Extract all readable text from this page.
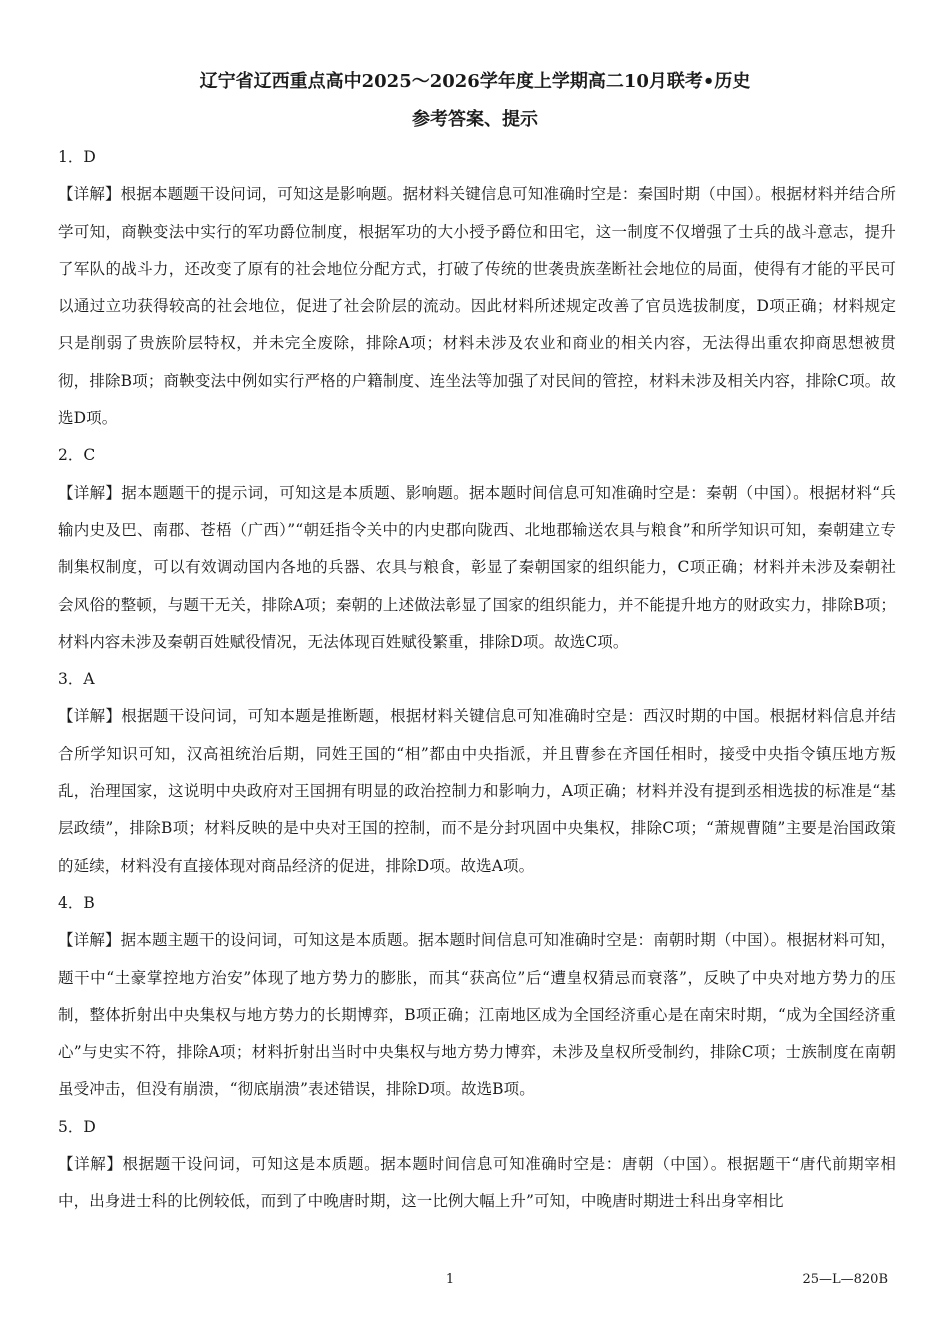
辽宁省辽西重点高中2025～2026学年度上学期高二10月联考•历史
参考答案、提示

1．D

【详解】根据本题题干设问词，可知这是影响题。据材料关键信息可知准确时空是：秦国时期（中国）。根据材料并结合所学可知，商鞅变法中实行的军功爵位制度，根据军功的大小授予爵位和田宅，这一制度不仅增强了士兵的战斗意志，提升了军队的战斗力，还改变了原有的社会地位分配方式，打破了传统的世袭贵族垄断社会地位的局面，使得有才能的平民可以通过立功获得较高的社会地位，促进了社会阶层的流动。因此材料所述规定改善了官员选拔制度，D项正确；材料规定只是削弱了贵族阶层特权，并未完全废除，排除A项；材料未涉及农业和商业的相关内容，无法得出重农抑商思想被贯彻，排除B项；商鞅变法中例如实行严格的户籍制度、连坐法等加强了对民间的管控，材料未涉及相关内容，排除C项。故选D项。

2．C

【详解】据本题题干的提示词，可知这是本质题、影响题。据本题时间信息可知准确时空是：秦朝（中国）。根据材料“兵输内史及巴、南郡、苍梧（广西）”“朝廷指令关中的内史郡向陇西、北地郡输送农具与粮食”和所学知识可知，秦朝建立专制集权制度，可以有效调动国内各地的兵器、农具与粮食，彰显了秦朝国家的组织能力，C项正确；材料并未涉及秦朝社会风俗的整顿，与题干无关，排除A项；秦朝的上述做法彰显了国家的组织能力，并不能提升地方的财政实力，排除B项；材料内容未涉及秦朝百姓赋役情况，无法体现百姓赋役繁重，排除D项。故选C项。

3．A

【详解】根据题干设问词，可知本题是推断题，根据材料关键信息可知准确时空是：西汉时期的中国。根据材料信息并结合所学知识可知，汉高祖统治后期，同姓王国的“相”都由中央指派，并且曹参在齐国任相时，接受中央指令镇压地方叛乱，治理国家，这说明中央政府对王国拥有明显的政治控制力和影响力，A项正确；材料并没有提到丞相选拔的标准是“基层政绩”，排除B项；材料反映的是中央对王国的控制，而不是分封巩固中央集权，排除C项；“萧规曹随”主要是治国政策的延续，材料没有直接体现对商品经济的促进，排除D项。故选A项。

4．B

【详解】据本题主题干的设问词，可知这是本质题。据本题时间信息可知准确时空是：南朝时期（中国）。根据材料可知，题干中“土豪掌控地方治安”体现了地方势力的膨胀，而其“获高位”后“遭皇权猜忌而衰落”，反映了中央对地方势力的压制，整体折射出中央集权与地方势力的长期博弈，B项正确；江南地区成为全国经济重心是在南宋时期，“成为全国经济重心”与史实不符，排除A项；材料折射出当时中央集权与地方势力博弈，未涉及皇权所受制约，排除C项；士族制度在南朝虽受冲击，但没有崩溃，“彻底崩溃”表述错误，排除D项。故选B项。

5．D

【详解】根据题干设问词，可知这是本质题。据本题时间信息可知准确时空是：唐朝（中国）。根据题干“唐代前期宰相中，出身进士科的比例较低，而到了中晚唐时期，这一比例大幅上升”可知，中晚唐时期进士科出身宰相比

1	25—L—820B
